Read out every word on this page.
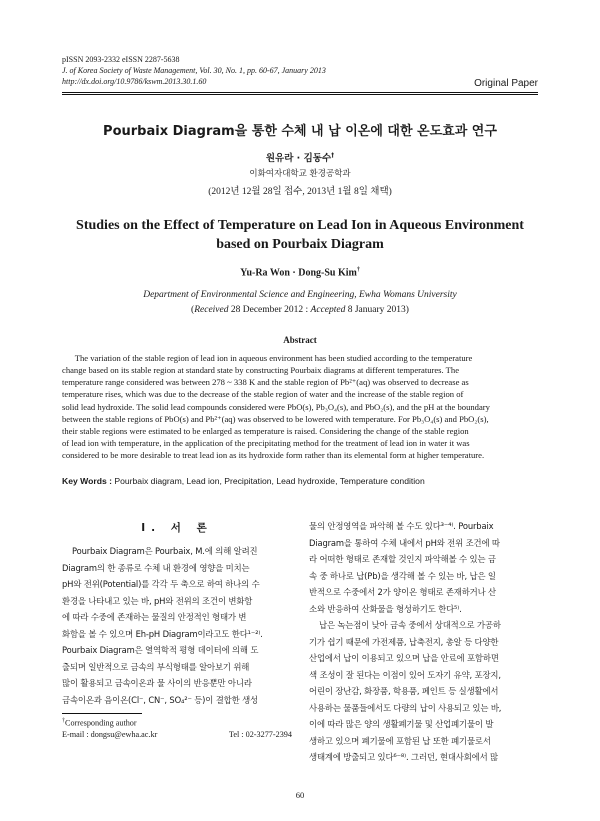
pISSN 2093-2332 eISSN 2287-5638
J. of Korea Society of Waste Management, Vol. 30, No. 1, pp. 60-67, January 2013
http://dx.doi.org/10.9786/kswm.2013.30.1.60	Original Paper
Pourbaix Diagram을 통한 수체 내 납 이온에 대한 온도효과 연구
원유라 · 김동수†
이화여자대학교 환경공학과
(2012년 12월 28일 접수, 2013년 1월 8일 채택)
Studies on the Effect of Temperature on Lead Ion in Aqueous Environment
based on Pourbaix Diagram
Yu-Ra Won · Dong-Su Kim†
Department of Environmental Science and Engineering, Ewha Womans University
(Received 28 December 2012 : Accepted 8 January 2013)
Abstract
The variation of the stable region of lead ion in aqueous environment has been studied according to the temperature
change based on its stable region at standard state by constructing Pourbaix diagrams at different temperatures. The
temperature range considered was between 278 ~ 338 K and the stable region of Pb²⁺(aq) was observed to decrease as
temperature rises, which was due to the decrease of the stable region of water and the increase of the stable region of
solid lead hydroxide. The solid lead compounds considered were PbO(s), Pb₃O₄(s), and PbO₂(s), and the pH at the boundary
between the stable regions of PbO(s) and Pb²⁺(aq) was observed to be lowered with temperature. For Pb₃O₄(s) and PbO₂(s),
their stable regions were estimated to be enlarged as temperature is raised. Considering the change of the stable region
of lead ion with temperature, in the application of the precipitating method for the treatment of lead ion in water it was
considered to be more desirable to treat lead ion as its hydroxide form rather than its elemental form at higher temperature.
Key Words : Pourbaix diagram, Lead ion, Precipitation, Lead hydroxide, Temperature condition
I. 서 론
Pourbaix Diagram은 Pourbaix, M.에 의해 알려진
Diagram의 한 종류로 수체 내 환경에 영향을 미치는
pH와 전위(Potential)를 각각 두 축으로 하여 하나의 수
환경을 나타내고 있는 바, pH와 전위의 조건이 변화함
에 따라 수중에 존재하는 물질의 안정적인 형태가 변
화함을 볼 수 있으며 Eh-pH Diagram이라고도 한다¹⁻²⁾.
Pourbaix Diagram은 열역학적 평형 데이터에 의해 도
출되며 일반적으로 금속의 부식형태를 알아보기 위해
많이 활용되고 금속이온과 물 사이의 반응뿐만 아니라
금속이온과 음이온(Cl⁻, CN⁻, SO₄²⁻ 등)이 결합한 생성
물의 안정영역을 파악해 볼 수도 있다³⁻⁴⁾. Pourbaix
Diagram을 통하여 수체 내에서 pH와 전위 조건에 따
라 어떠한 형태로 존재할 것인지 파악해볼 수 있는 금
속 중 하나로 납(Pb)을 생각해 볼 수 있는 바, 납은 일
반적으로 수중에서 2가 양이온 형태로 존재하거나 산
소와 반응하여 산화물을 형성하기도 한다⁵⁾.
납은 녹는점이 낮아 금속 중에서 상대적으로 가공하
기가 쉽기 때문에 가전제품, 납축전지, 총알 등 다양한
산업에서 납이 이용되고 있으며 납을 안료에 포함하면
색 조성이 잘 된다는 이점이 있어 도자기 유약, 포장지,
어린이 장난감, 화장품, 학용품, 페인트 등 실생활에서
사용하는 물품들에서도 다량의 납이 사용되고 있는 바,
이에 따라 많은 양의 생활폐기물 및 산업폐기물이 발
생하고 있으며 폐기물에 포함된 납 또한 폐기물로서
생태계에 방출되고 있다⁶⁻⁸⁾. 그러던, 현대사회에서 많
†Corresponding author
E-mail : dongsu@ewha.ac.kr	Tel : 02-3277-2394
60
